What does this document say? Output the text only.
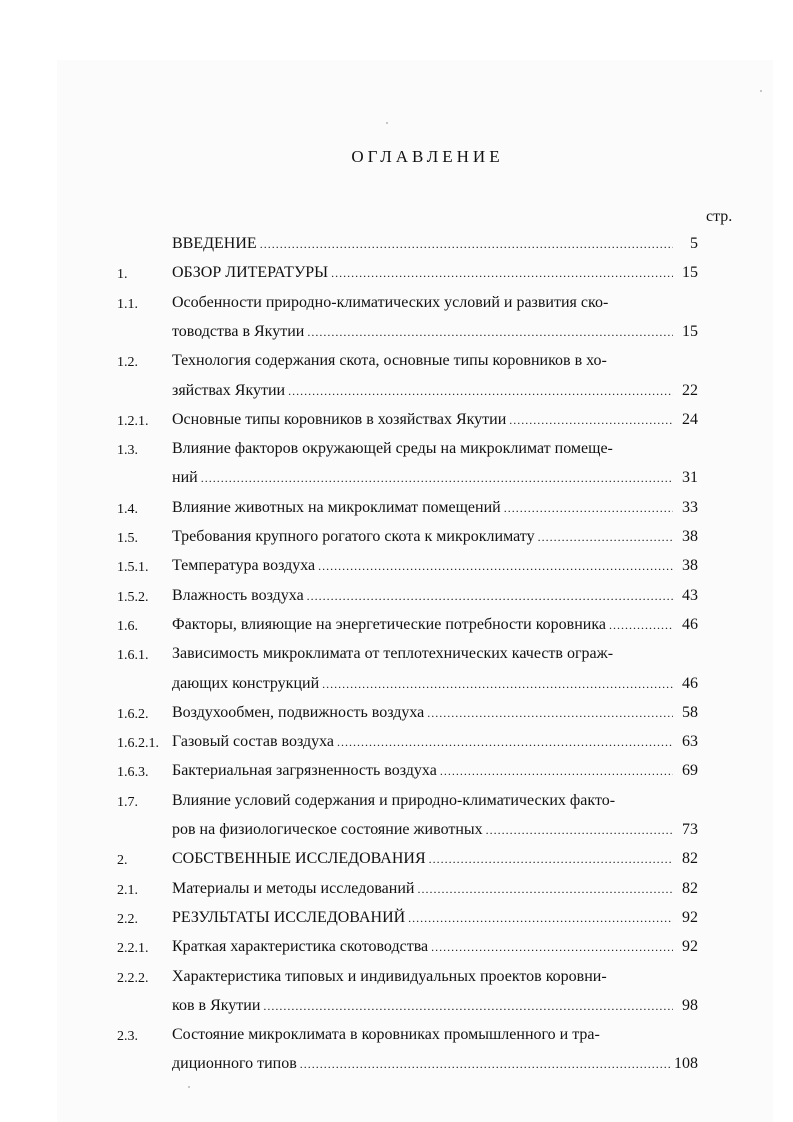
ОГЛАВЛЕНИЕ
стр.
ВВЕДЕНИЕ .....	5
1.	ОБЗОР ЛИТЕРАТУРЫ .....	15
1.1. Особенности природно-климатических условий и развития ско-
товодства в Якутии .....	15
1.2. Технология содержания скота, основные типы коровников в хо-
зяйствах Якутии .....	22
1.2.1. Основные типы коровников в хозяйствах Якутии .....	24
1.3. Влияние факторов окружающей среды на микроклимат помеще-
ний .....	31
1.4. Влияние животных на микроклимат помещений .....	33
1.5. Требования крупного рогатого скота к микроклимату .....	38
1.5.1. Температура воздуха .....	38
1.5.2. Влажность воздуха .....	43
1.6. Факторы, влияющие на энергетические потребности коровника .....	46
1.6.1. Зависимость микроклимата от теплотехнических качеств ограж-
дающих конструкций .....	46
1.6.2. Воздухообмен, подвижность воздуха .....	58
1.6.2.1. Газовый состав воздуха .....	63
1.6.3. Бактериальная загрязненность воздуха .....	69
1.7. Влияние условий содержания и природно-климатических факто-
ров на физиологическое состояние животных .....	73
2.	СОБСТВЕННЫЕ ИССЛЕДОВАНИЯ .....	82
2.1. Материалы и методы исследований .....	82
2.2. РЕЗУЛЬТАТЫ ИССЛЕДОВАНИЙ .....	92
2.2.1. Краткая характеристика скотоводства .....	92
2.2.2. Характеристика типовых и индивидуальных проектов коровни-
ков в Якутии .....	98
2.3. Состояние микроклимата в коровниках промышленного и тра-
диционного типов .....	108
